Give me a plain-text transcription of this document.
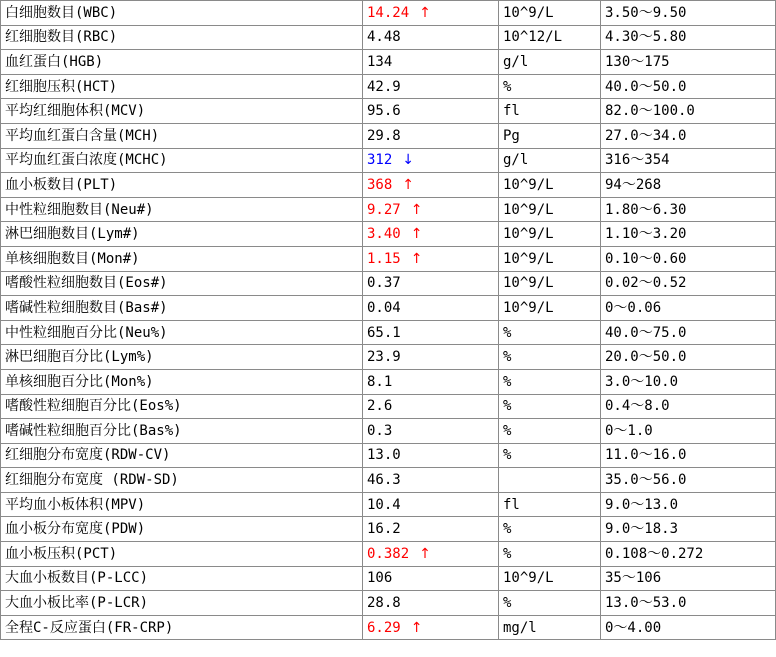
白细胞数目(WBC)	14.24 ↑	10^9/L	3.50～9.50
红细胞数目(RBC)	4.48	10^12/L	4.30～5.80
血红蛋白(HGB)	134	g/l	130～175
红细胞压积(HCT)	42.9	%	40.0～50.0
平均红细胞体积(MCV)	95.6	fl	82.0～100.0
平均血红蛋白含量(MCH)	29.8	Pg	27.0～34.0
平均血红蛋白浓度(MCHC)	312 ↓	g/l	316～354
血小板数目(PLT)	368 ↑	10^9/L	94～268
中性粒细胞数目(Neu#)	9.27 ↑	10^9/L	1.80～6.30
淋巴细胞数目(Lym#)	3.40 ↑	10^9/L	1.10～3.20
单核细胞数目(Mon#)	1.15 ↑	10^9/L	0.10～0.60
嗜酸性粒细胞数目(Eos#)	0.37	10^9/L	0.02～0.52
嗜碱性粒细胞数目(Bas#)	0.04	10^9/L	0～0.06
中性粒细胞百分比(Neu%)	65.1	%	40.0～75.0
淋巴细胞百分比(Lym%)	23.9	%	20.0～50.0
单核细胞百分比(Mon%)	8.1	%	3.0～10.0
嗜酸性粒细胞百分比(Eos%)	2.6	%	0.4～8.0
嗜碱性粒细胞百分比(Bas%)	0.3	%	0～1.0
红细胞分布宽度(RDW-CV)	13.0	%	11.0～16.0
红细胞分布宽度 (RDW-SD)	46.3		35.0～56.0
平均血小板体积(MPV)	10.4	fl	9.0～13.0
血小板分布宽度(PDW)	16.2	%	9.0～18.3
血小板压积(PCT)	0.382 ↑	%	0.108～0.272
大血小板数目(P-LCC)	106	10^9/L	35～106
大血小板比率(P-LCR)	28.8	%	13.0～53.0
全程C-反应蛋白(FR-CRP)	6.29 ↑	mg/l	0～4.00
